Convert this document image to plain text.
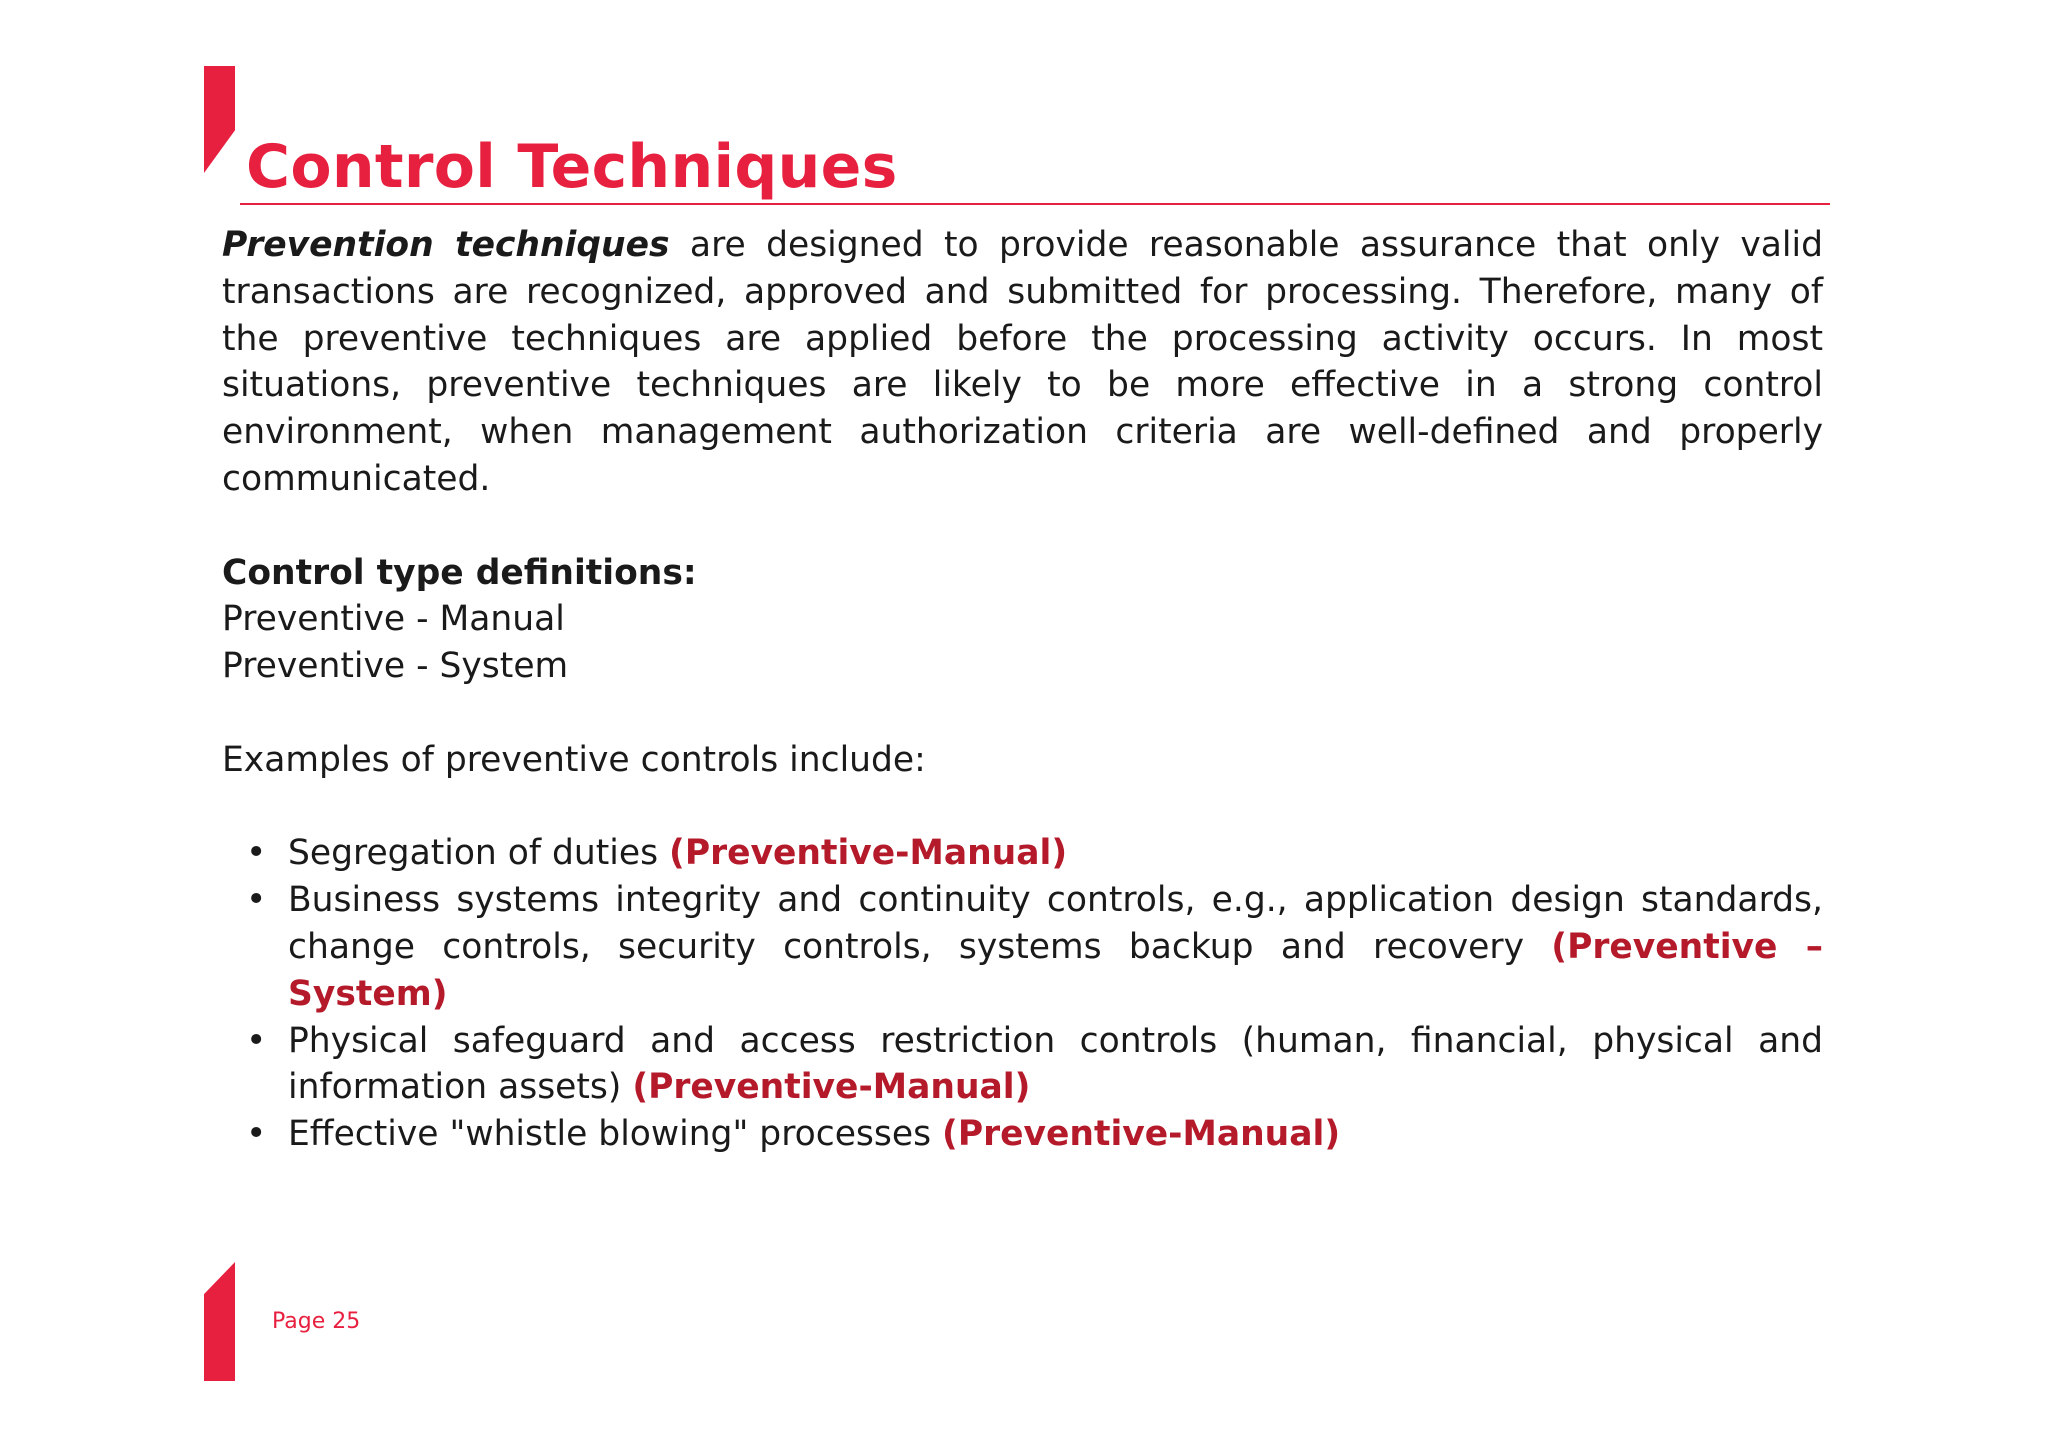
Control Techniques

Prevention techniques are designed to provide reasonable assurance that only valid transactions are recognized, approved and submitted for processing. Therefore, many of the preventive techniques are applied before the processing activity occurs. In most situations, preventive techniques are likely to be more effective in a strong control environment, when management authorization criteria are well-defined and properly communicated.

Control type definitions:

Preventive - Manual

Preventive - System

Examples of preventive controls include:

• Segregation of duties (Preventive-Manual)
• Business systems integrity and continuity controls, e.g., application design standards, change controls, security controls, systems backup and recovery (Preventive – System)
• Physical safeguard and access restriction controls (human, financial, physical and information assets) (Preventive-Manual)
• Effective "whistle blowing" processes (Preventive-Manual)
Page 25
